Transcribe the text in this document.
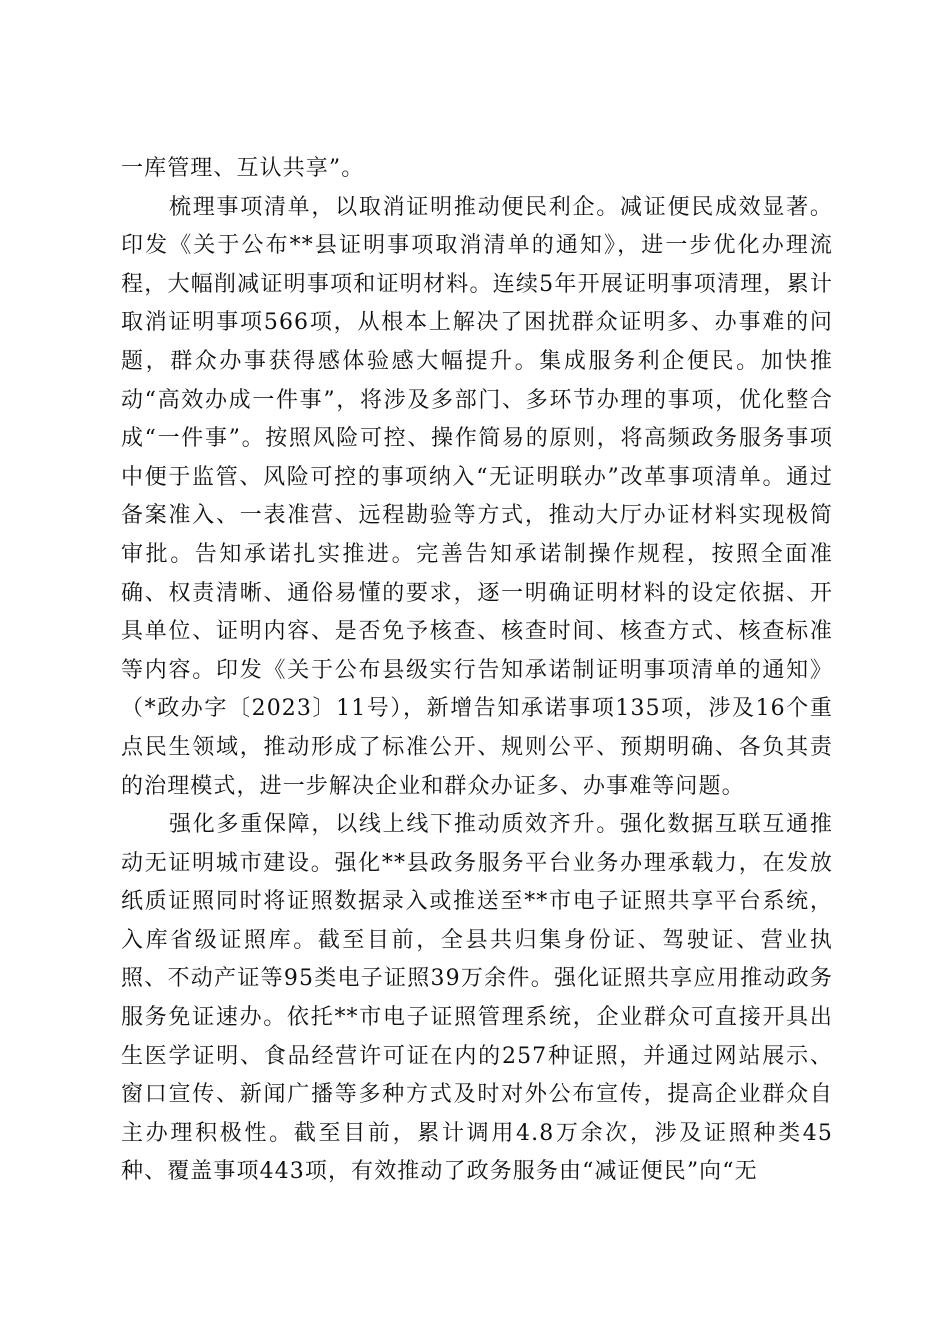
一库管理、互认共享”。

梳理事项清单，以取消证明推动便民利企。减证便民成效显著。印发《关于公布**县证明事项取消清单的通知》，进一步优化办理流程，大幅削减证明事项和证明材料。连续5年开展证明事项清理，累计取消证明事项566项，从根本上解决了困扰群众证明多、办事难的问题，群众办事获得感体验感大幅提升。集成服务利企便民。加快推动“高效办成一件事”，将涉及多部门、多环节办理的事项，优化整合成“一件事”。按照风险可控、操作简易的原则，将高频政务服务事项中便于监管、风险可控的事项纳入“无证明联办”改革事项清单。通过备案准入、一表准营、远程勘验等方式，推动大厅办证材料实现极简审批。告知承诺扎实推进。完善告知承诺制操作规程，按照全面准确、权责清晰、通俗易懂的要求，逐一明确证明材料的设定依据、开具单位、证明内容、是否免予核查、核查时间、核查方式、核查标准等内容。印发《关于公布县级实行告知承诺制证明事项清单的通知》（*政办字〔2023〕11号），新增告知承诺事项135项，涉及16个重点民生领域，推动形成了标准公开、规则公平、预期明确、各负其责的治理模式，进一步解决企业和群众办证多、办事难等问题。

强化多重保障，以线上线下推动质效齐升。强化数据互联互通推动无证明城市建设。强化**县政务服务平台业务办理承载力，在发放纸质证照同时将证照数据录入或推送至**市电子证照共享平台系统，入库省级证照库。截至目前，全县共归集身份证、驾驶证、营业执照、不动产证等95类电子证照39万余件。强化证照共享应用推动政务服务免证速办。依托**市电子证照管理系统，企业群众可直接开具出生医学证明、食品经营许可证在内的257种证照，并通过网站展示、窗口宣传、新闻广播等多种方式及时对外公布宣传，提高企业群众自主办理积极性。截至目前，累计调用4.8万余次，涉及证照种类45种、覆盖事项443项，有效推动了政务服务由“减证便民”向“无
